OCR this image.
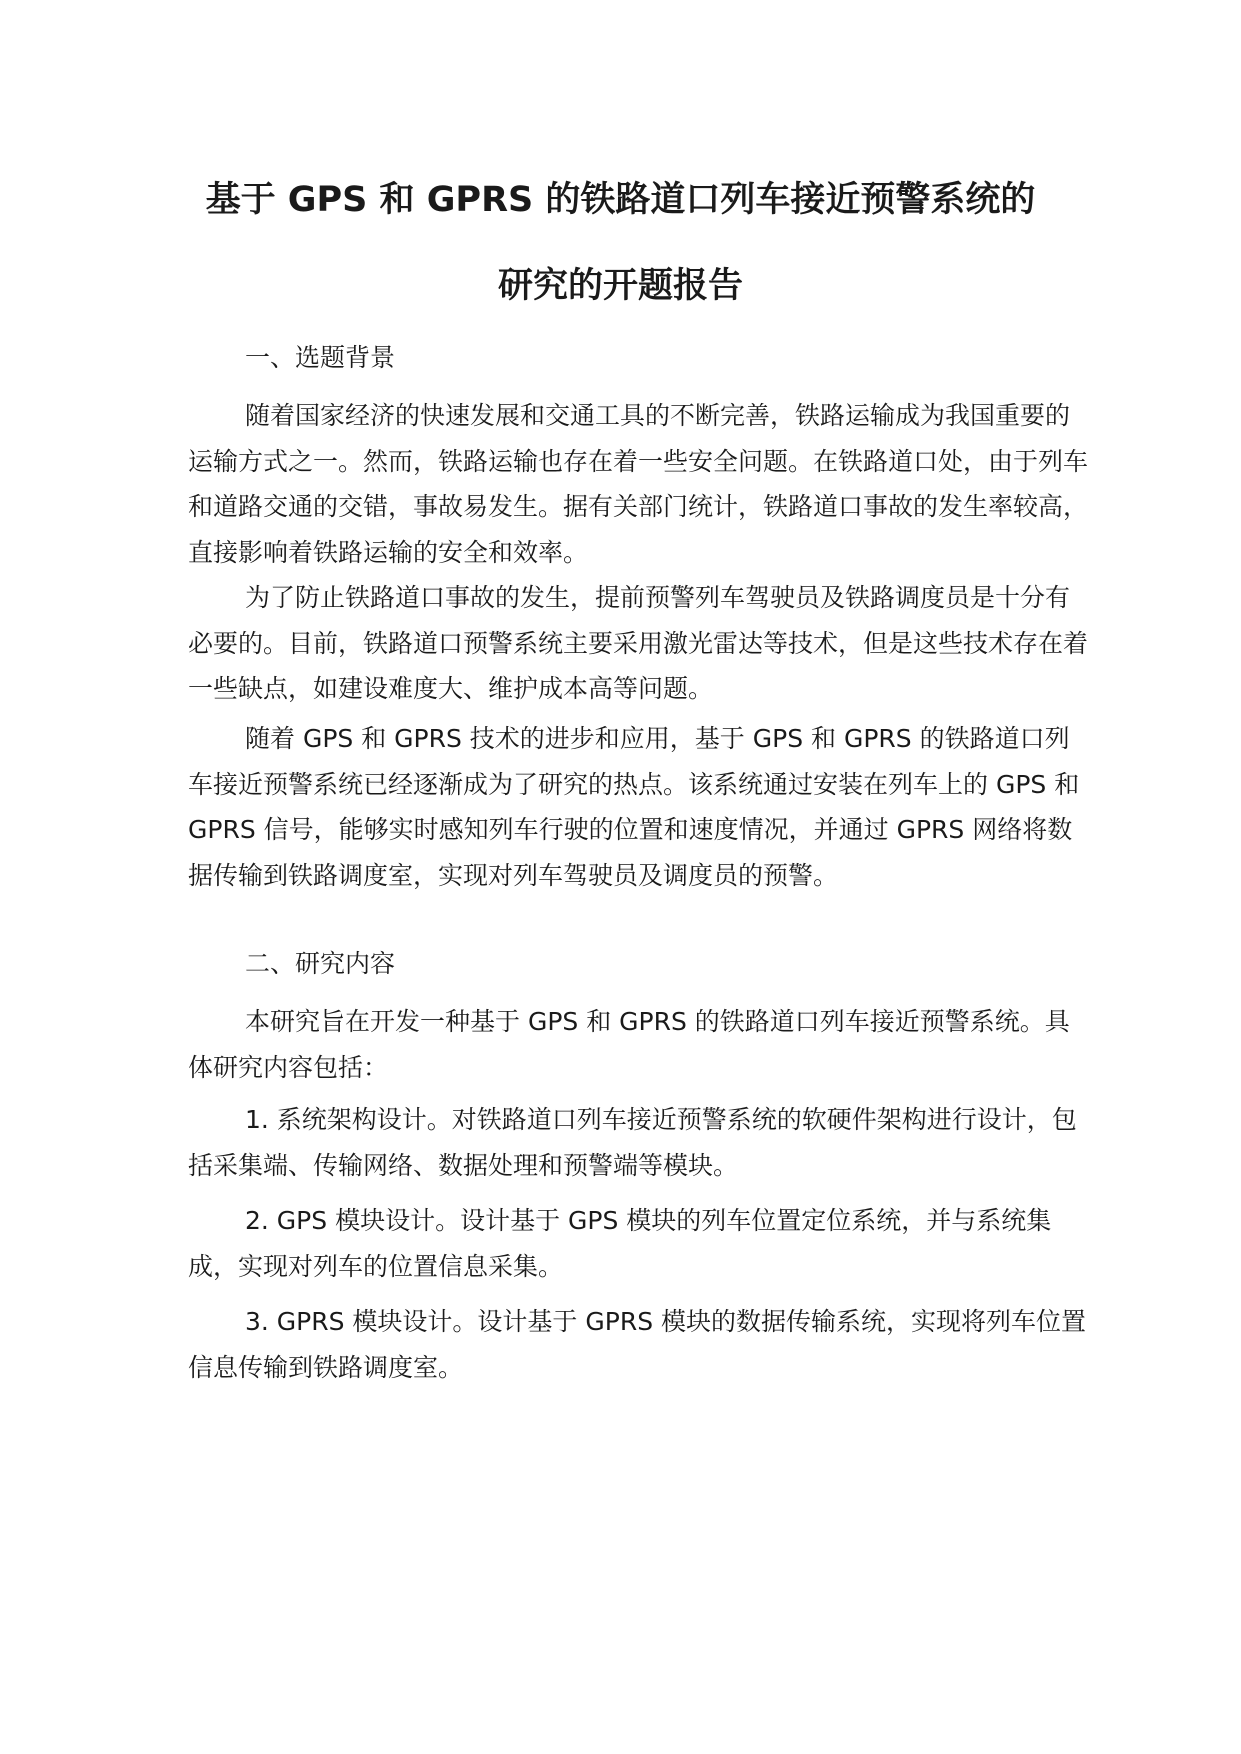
基于 GPS 和 GPRS 的铁路道口列车接近预警系统的
研究的开题报告
一、选题背景

随着国家经济的快速发展和交通工具的不断完善，铁路运输成为我国重要的运输方式之一。然而，铁路运输也存在着一些安全问题。在铁路道口处，由于列车和道路交通的交错，事故易发生。据有关部门统计，铁路道口事故的发生率较高，直接影响着铁路运输的安全和效率。

为了防止铁路道口事故的发生，提前预警列车驾驶员及铁路调度员是十分有必要的。目前，铁路道口预警系统主要采用激光雷达等技术，但是这些技术存在着一些缺点，如建设难度大、维护成本高等问题。

随着 GPS 和 GPRS 技术的进步和应用，基于 GPS 和 GPRS 的铁路道口列车接近预警系统已经逐渐成为了研究的热点。该系统通过安装在列车上的 GPS 和 GPRS 信号，能够实时感知列车行驶的位置和速度情况，并通过 GPRS 网络将数据传输到铁路调度室，实现对列车驾驶员及调度员的预警。

二、研究内容

本研究旨在开发一种基于 GPS 和 GPRS 的铁路道口列车接近预警系统。具体研究内容包括：

1. 系统架构设计。对铁路道口列车接近预警系统的软硬件架构进行设计，包括采集端、传输网络、数据处理和预警端等模块。

2. GPS 模块设计。设计基于 GPS 模块的列车位置定位系统，并与系统集成，实现对列车的位置信息采集。

3. GPRS 模块设计。设计基于 GPRS 模块的数据传输系统，实现将列车位置信息传输到铁路调度室。
